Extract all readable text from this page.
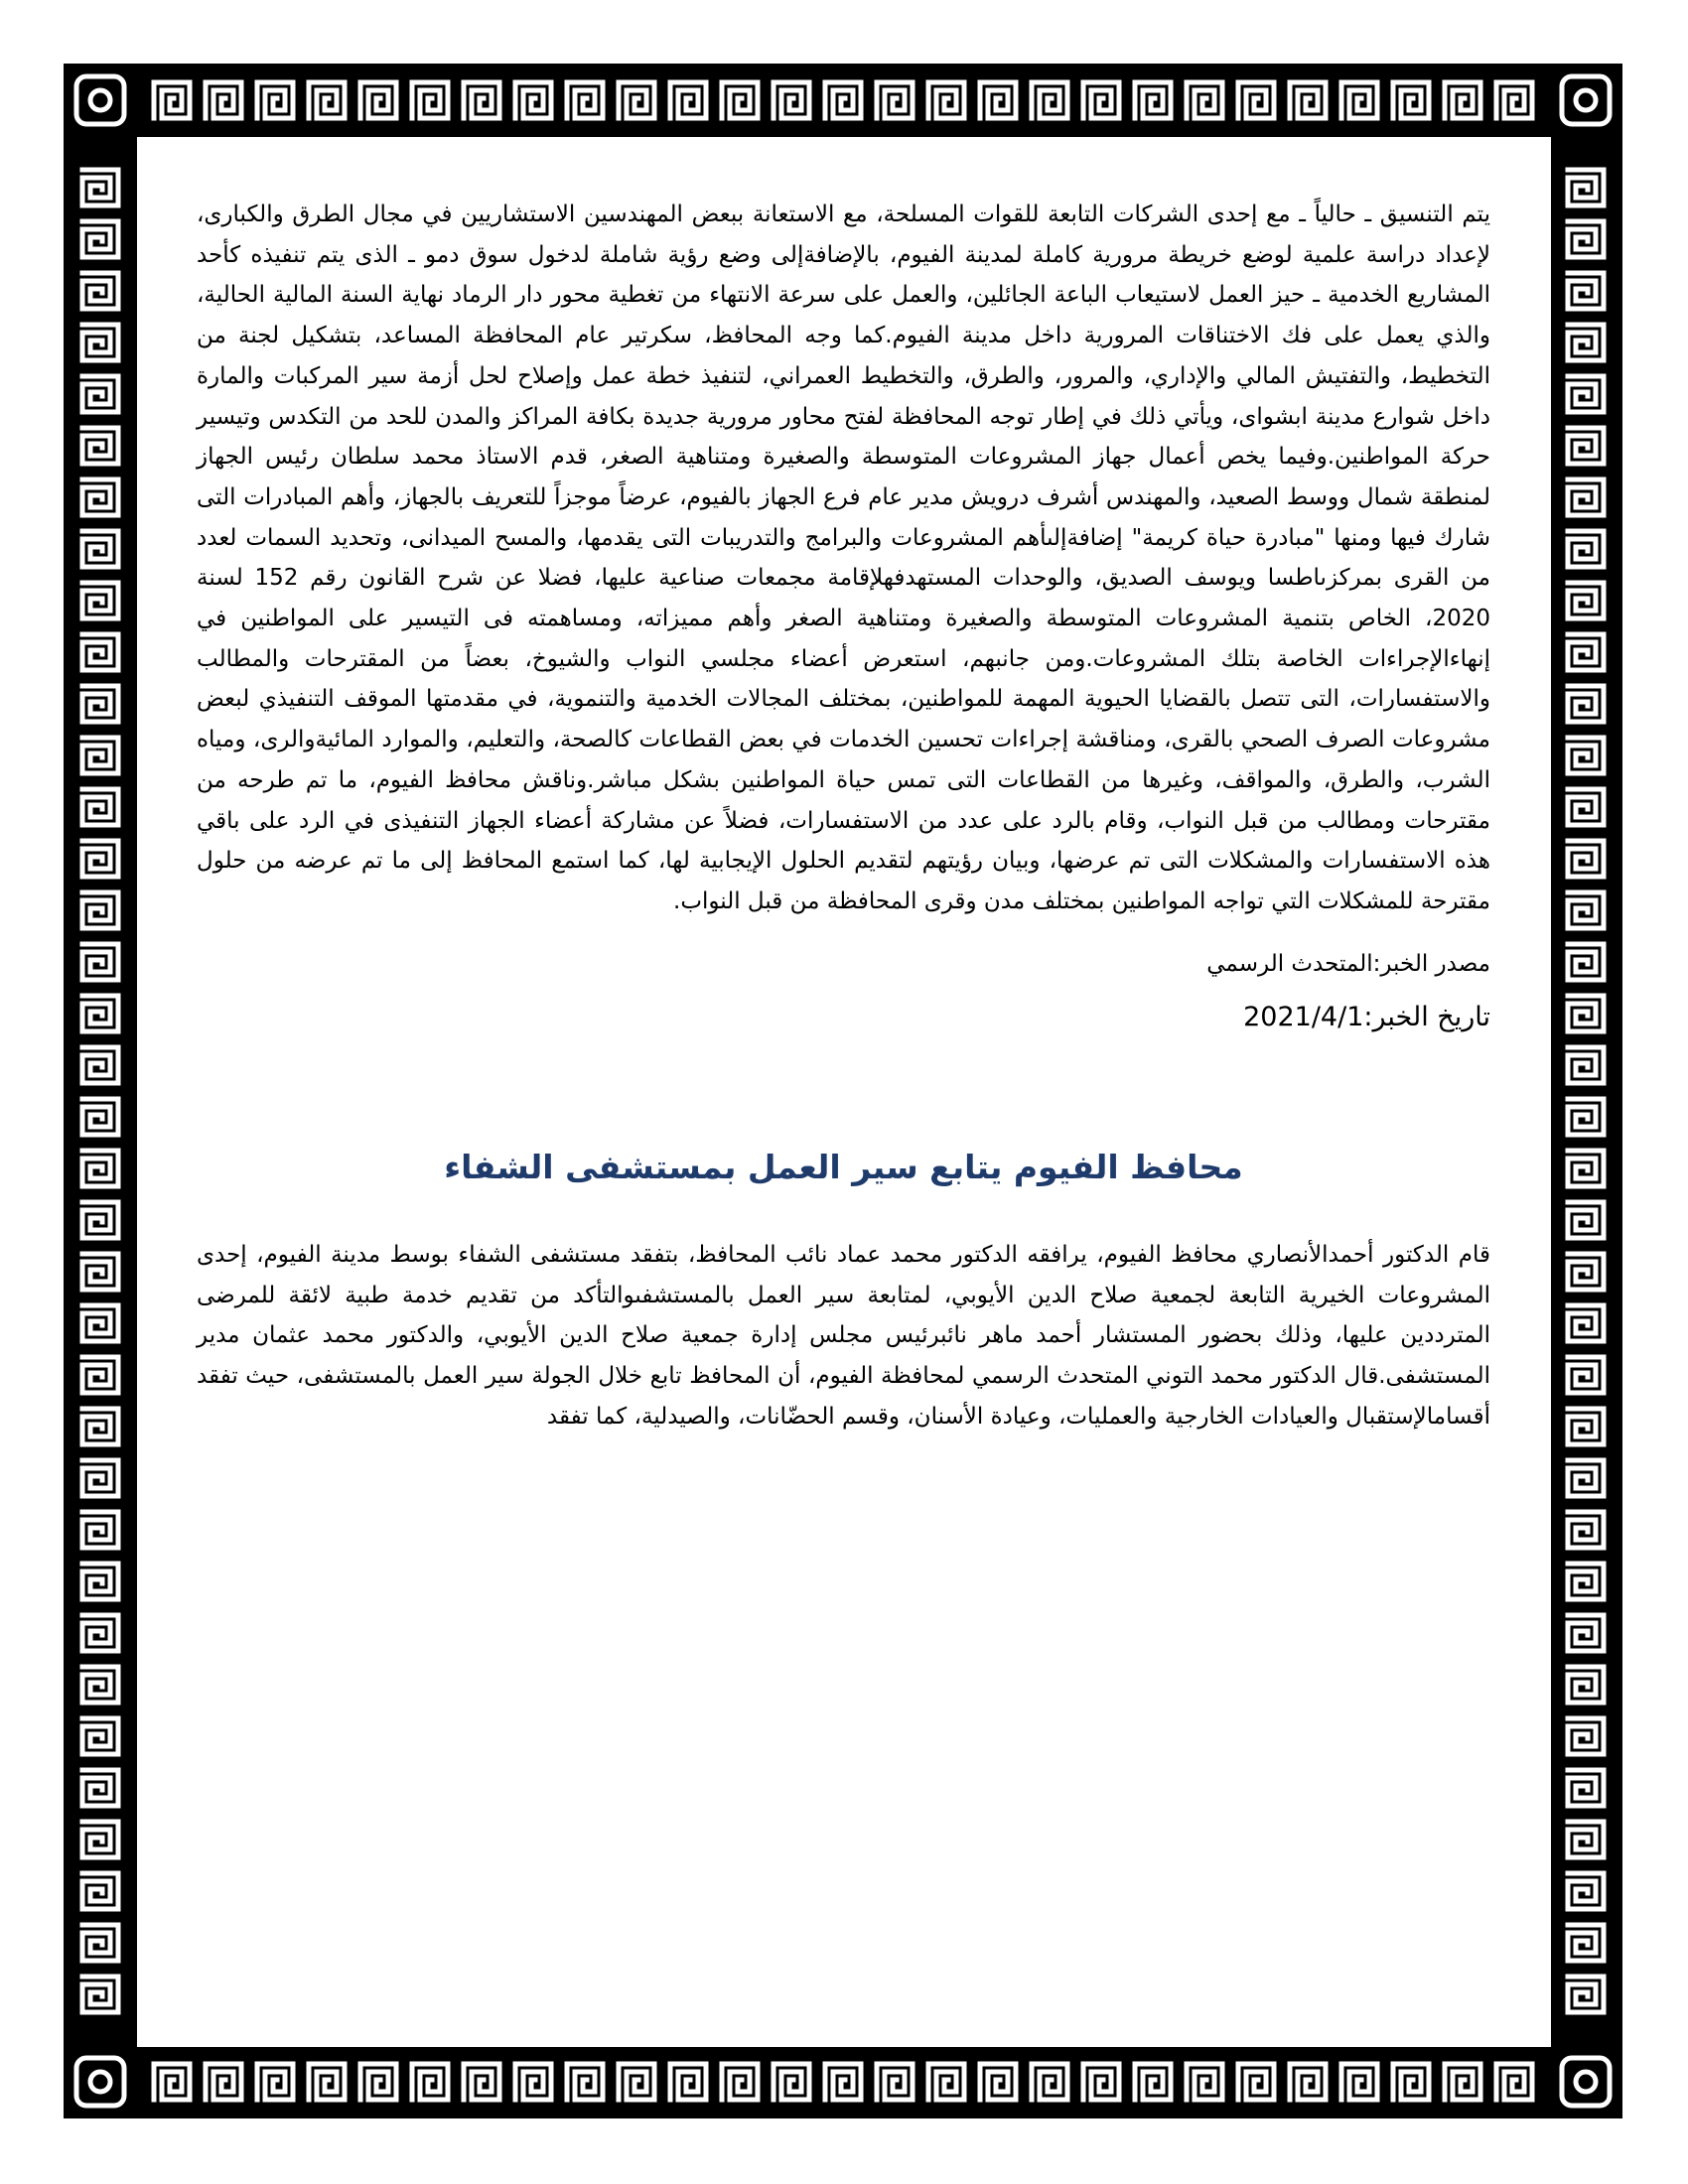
يتم التنسيق ـ حالياً ـ مع إحدى الشركات التابعة للقوات المسلحة، مع الاستعانة ببعض المهندسين الاستشاريين في مجال الطرق والكبارى، لإعداد دراسة علمية لوضع خريطة مرورية كاملة لمدينة الفيوم، بالإضافةإلى وضع رؤية شاملة لدخول سوق دمو ـ الذى يتم تنفيذه كأحد المشاريع الخدمية ـ حيز العمل لاستيعاب الباعة الجائلين، والعمل على سرعة الانتهاء من تغطية محور دار الرماد نهاية السنة المالية الحالية، والذي يعمل على فك الاختناقات المرورية داخل مدينة الفيوم.كما وجه المحافظ، سكرتير عام المحافظة المساعد، بتشكيل لجنة من التخطيط، والتفتيش المالي والإداري، والمرور، والطرق، والتخطيط العمراني، لتنفيذ خطة عمل وإصلاح لحل أزمة سير المركبات والمارة داخل شوارع مدينة ابشواى، ويأتي ذلك في إطار توجه المحافظة لفتح محاور مرورية جديدة بكافة المراكز والمدن للحد من التكدس وتيسير حركة المواطنين.وفيما يخص أعمال جهاز المشروعات المتوسطة والصغيرة ومتناهية الصغر، قدم الاستاذ محمد سلطان رئيس الجهاز لمنطقة شمال ووسط الصعيد، والمهندس أشرف درويش مدير عام فرع الجهاز بالفيوم، عرضاً موجزاً للتعريف بالجهاز، وأهم المبادرات التى شارك فيها ومنها "مبادرة حياة كريمة" إضافةإلىأهم المشروعات والبرامج والتدريبات التى يقدمها، والمسح الميدانى، وتحديد السمات لعدد من القرى بمركزىاطسا ويوسف الصديق، والوحدات المستهدفهلإقامة مجمعات صناعية عليها، فضلا عن شرح القانون رقم 152 لسنة 2020، الخاص بتنمية المشروعات المتوسطة والصغيرة ومتناهية الصغر وأهم مميزاته، ومساهمته فى التيسير على المواطنين في إنهاءالإجراءات الخاصة بتلك المشروعات.ومن جانبهم، استعرض أعضاء مجلسي النواب والشيوخ، بعضاً من المقترحات والمطالب والاستفسارات، التى تتصل بالقضايا الحيوية المهمة للمواطنين، بمختلف المجالات الخدمية والتنموية، في مقدمتها الموقف التنفيذي لبعض مشروعات الصرف الصحي بالقرى، ومناقشة إجراءات تحسين الخدمات في بعض القطاعات كالصحة، والتعليم، والموارد المائيةوالرى، ومياه الشرب، والطرق، والمواقف، وغيرها من القطاعات التى تمس حياة المواطنين بشكل مباشر.وناقش محافظ الفيوم، ما تم طرحه من مقترحات ومطالب من قبل النواب، وقام بالرد على عدد من الاستفسارات، فضلاً عن مشاركة أعضاء الجهاز التنفيذى في الرد على باقي هذه الاستفسارات والمشكلات التى تم عرضها، وبيان رؤيتهم لتقديم الحلول الإيجابية لها، كما استمع المحافظ إلى ما تم عرضه من حلول مقترحة للمشكلات التي تواجه المواطنين بمختلف مدن وقرى المحافظة من قبل النواب.

مصدر الخبر:المتحدث الرسمي

تاريخ الخبر:2021/4/1

محافظ الفيوم يتابع سير العمل بمستشفى الشفاء

قام الدكتور أحمدالأنصاري محافظ الفيوم، يرافقه الدكتور محمد عماد نائب المحافظ، بتفقد مستشفى الشفاء بوسط مدينة الفيوم، إحدى المشروعات الخيرية التابعة لجمعية صلاح الدين الأيوبي، لمتابعة سير العمل بالمستشفىوالتأكد من تقديم خدمة طبية لائقة للمرضى المترددين عليها، وذلك بحضور المستشار أحمد ماهر نائبرئيس مجلس إدارة جمعية صلاح الدين الأيوبي، والدكتور محمد عثمان مدير المستشفى.قال الدكتور محمد التوني المتحدث الرسمي لمحافظة الفيوم، أن المحافظ تابع خلال الجولة سير العمل بالمستشفى، حيث تفقد أقسامالإستقبال والعيادات الخارجية والعمليات، وعيادة الأسنان، وقسم الحضّانات، والصيدلية، كما تفقد
